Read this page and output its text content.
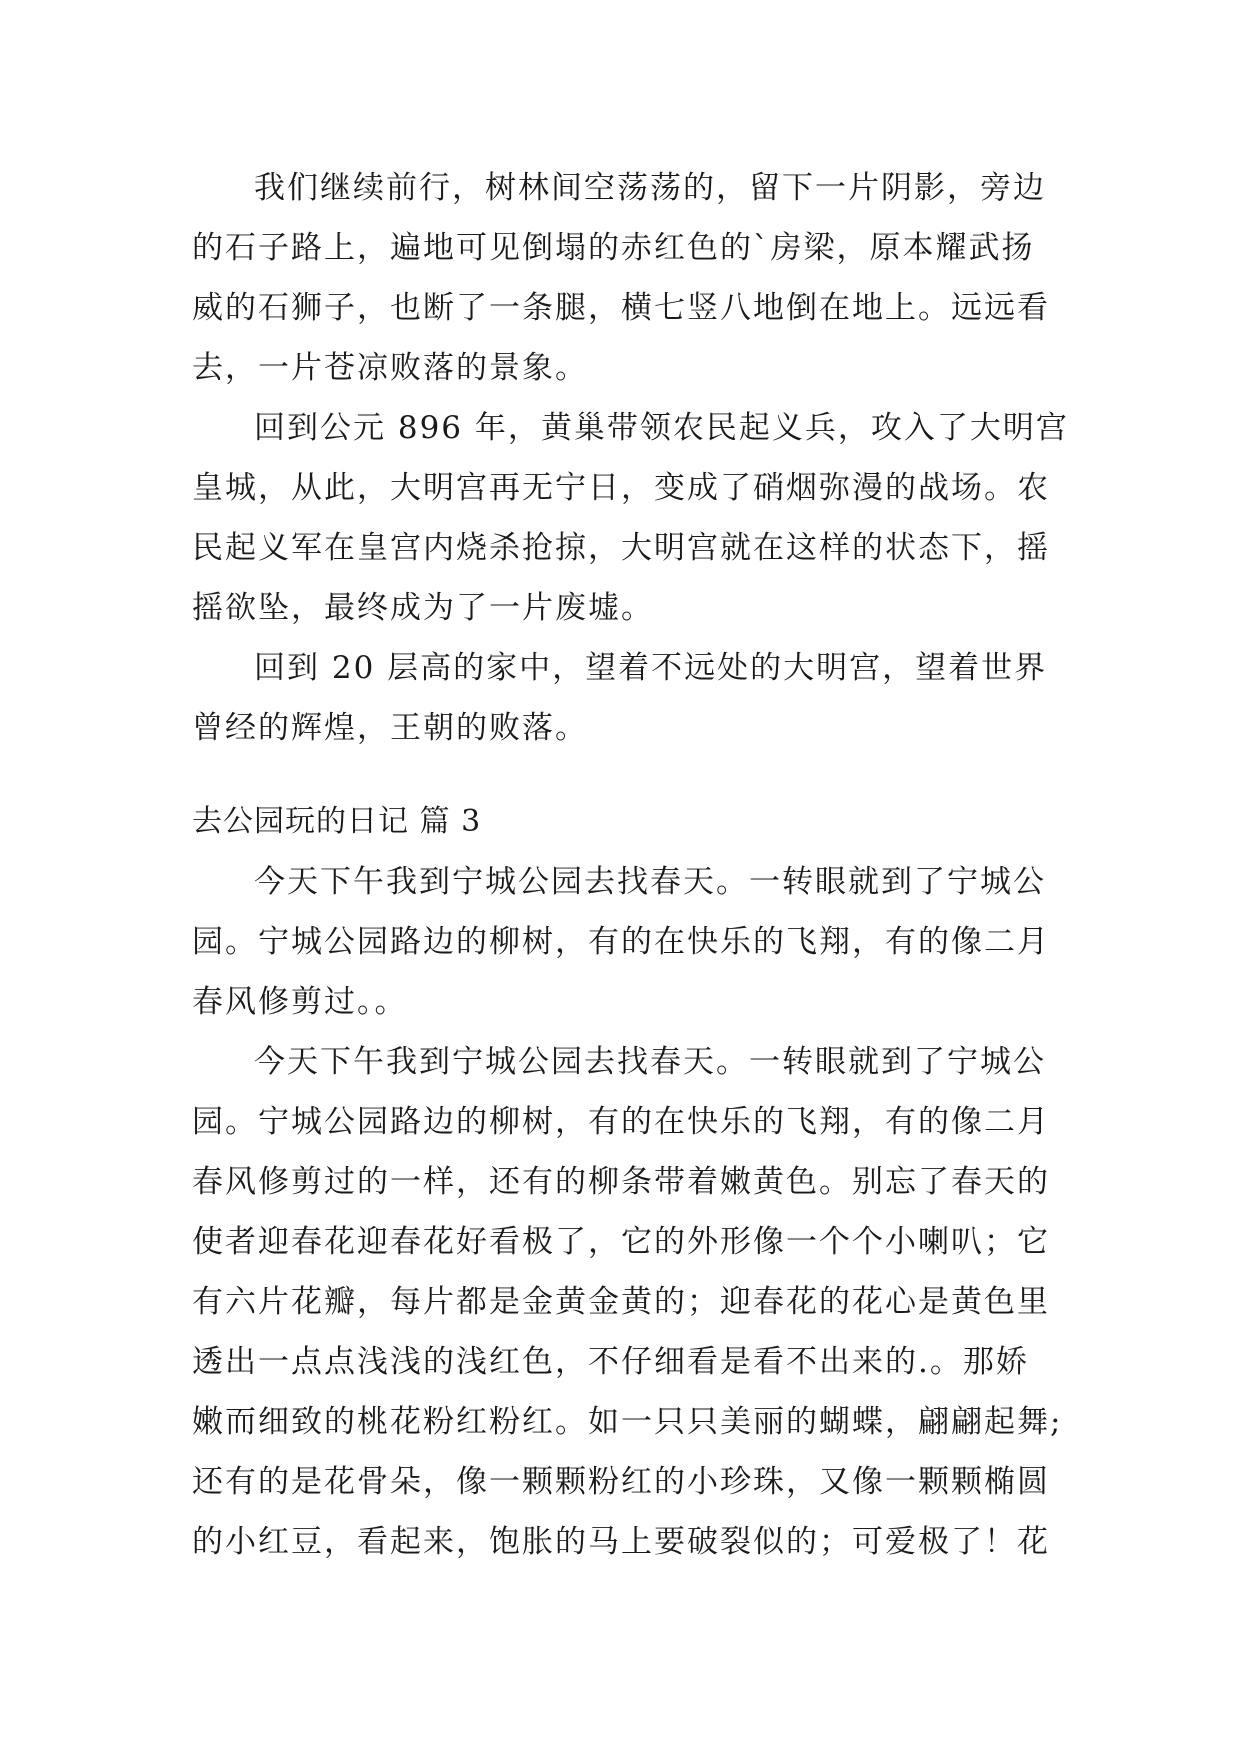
我们继续前行，树林间空荡荡的，留下一片阴影，旁边
的石子路上，遍地可见倒塌的赤红色的`房梁，原本耀武扬
威的石狮子，也断了一条腿，横七竖八地倒在地上。远远看
去，一片苍凉败落的景象。

回到公元 896 年，黄巢带领农民起义兵，攻入了大明宫
皇城，从此，大明宫再无宁日，变成了硝烟弥漫的战场。农
民起义军在皇宫内烧杀抢掠，大明宫就在这样的状态下，摇
摇欲坠，最终成为了一片废墟。

回到 20 层高的家中，望着不远处的大明宫，望着世界
曾经的辉煌，王朝的败落。

去公园玩的日记 篇 3

今天下午我到宁城公园去找春天。一转眼就到了宁城公
园。宁城公园路边的柳树，有的在快乐的飞翔，有的像二月
春风修剪过。。

今天下午我到宁城公园去找春天。一转眼就到了宁城公
园。宁城公园路边的柳树，有的在快乐的飞翔，有的像二月
春风修剪过的一样，还有的柳条带着嫩黄色。别忘了春天的
使者迎春花迎春花好看极了，它的外形像一个个小喇叭；它
有六片花瓣，每片都是金黄金黄的；迎春花的花心是黄色里
透出一点点浅浅的浅红色，不仔细看是看不出来的.。那娇
嫩而细致的桃花粉红粉红。如一只只美丽的蝴蝶，翩翩起舞;
还有的是花骨朵，像一颗颗粉红的小珍珠，又像一颗颗椭圆
的小红豆，看起来，饱胀的马上要破裂似的；可爱极了！花
